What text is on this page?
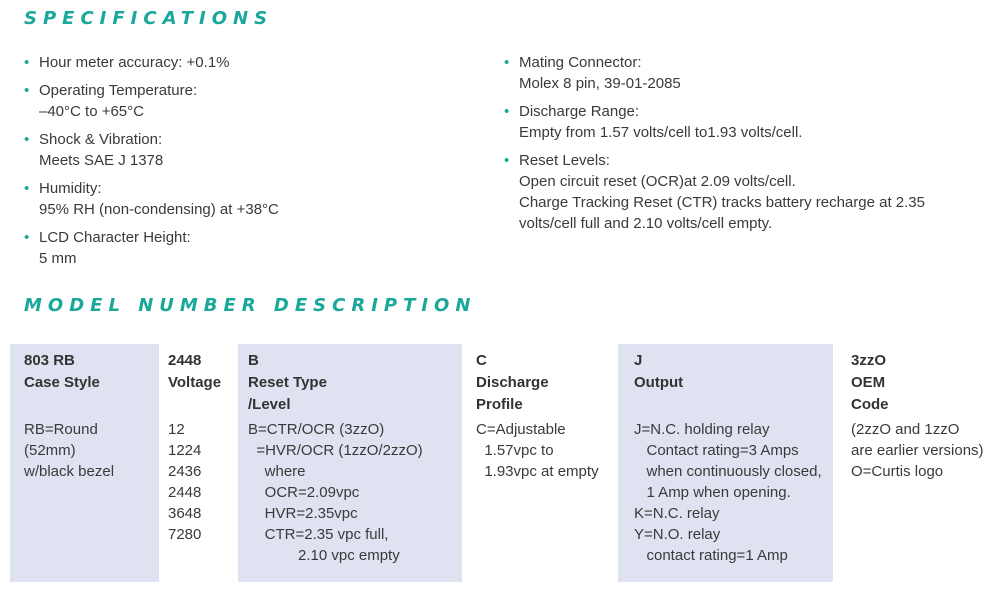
SPECIFICATIONS
• Hour meter accuracy: +0.1%
• Operating Temperature:
–40°C to +65°C
• Shock & Vibration:
Meets SAE J 1378
• Humidity:
95% RH (non-condensing) at +38°C
• LCD Character Height:
5 mm
• Mating Connector:
Molex 8 pin, 39-01-2085
• Discharge Range:
Empty from 1.57 volts/cell to1.93 volts/cell.
• Reset Levels:
Open circuit reset (OCR)at 2.09 volts/cell.
Charge Tracking Reset (CTR) tracks battery recharge at 2.35
volts/cell full and 2.10 volts/cell empty.
MODEL NUMBER DESCRIPTION
803 RB
Case Style
RB=Round
(52mm)
w/black bezel
2448
Voltage
12
1224
2436
2448
3648
7280
B
Reset Type
/Level
B=CTR/OCR (3zzO)
=HVR/OCR (1zzO/2zzO)
where
OCR=2.09vpc
HVR=2.35vpc
CTR=2.35 vpc full,
2.10 vpc empty
C
Discharge
Profile
C=Adjustable
1.57vpc to
1.93vpc at empty
J
Output
J=N.C. holding relay
Contact rating=3 Amps
when continuously closed,
1 Amp when opening.
K=N.C. relay
Y=N.O. relay
contact rating=1 Amp
3zzO
OEM
Code
(2zzO and 1zzO
are earlier versions)
O=Curtis logo
